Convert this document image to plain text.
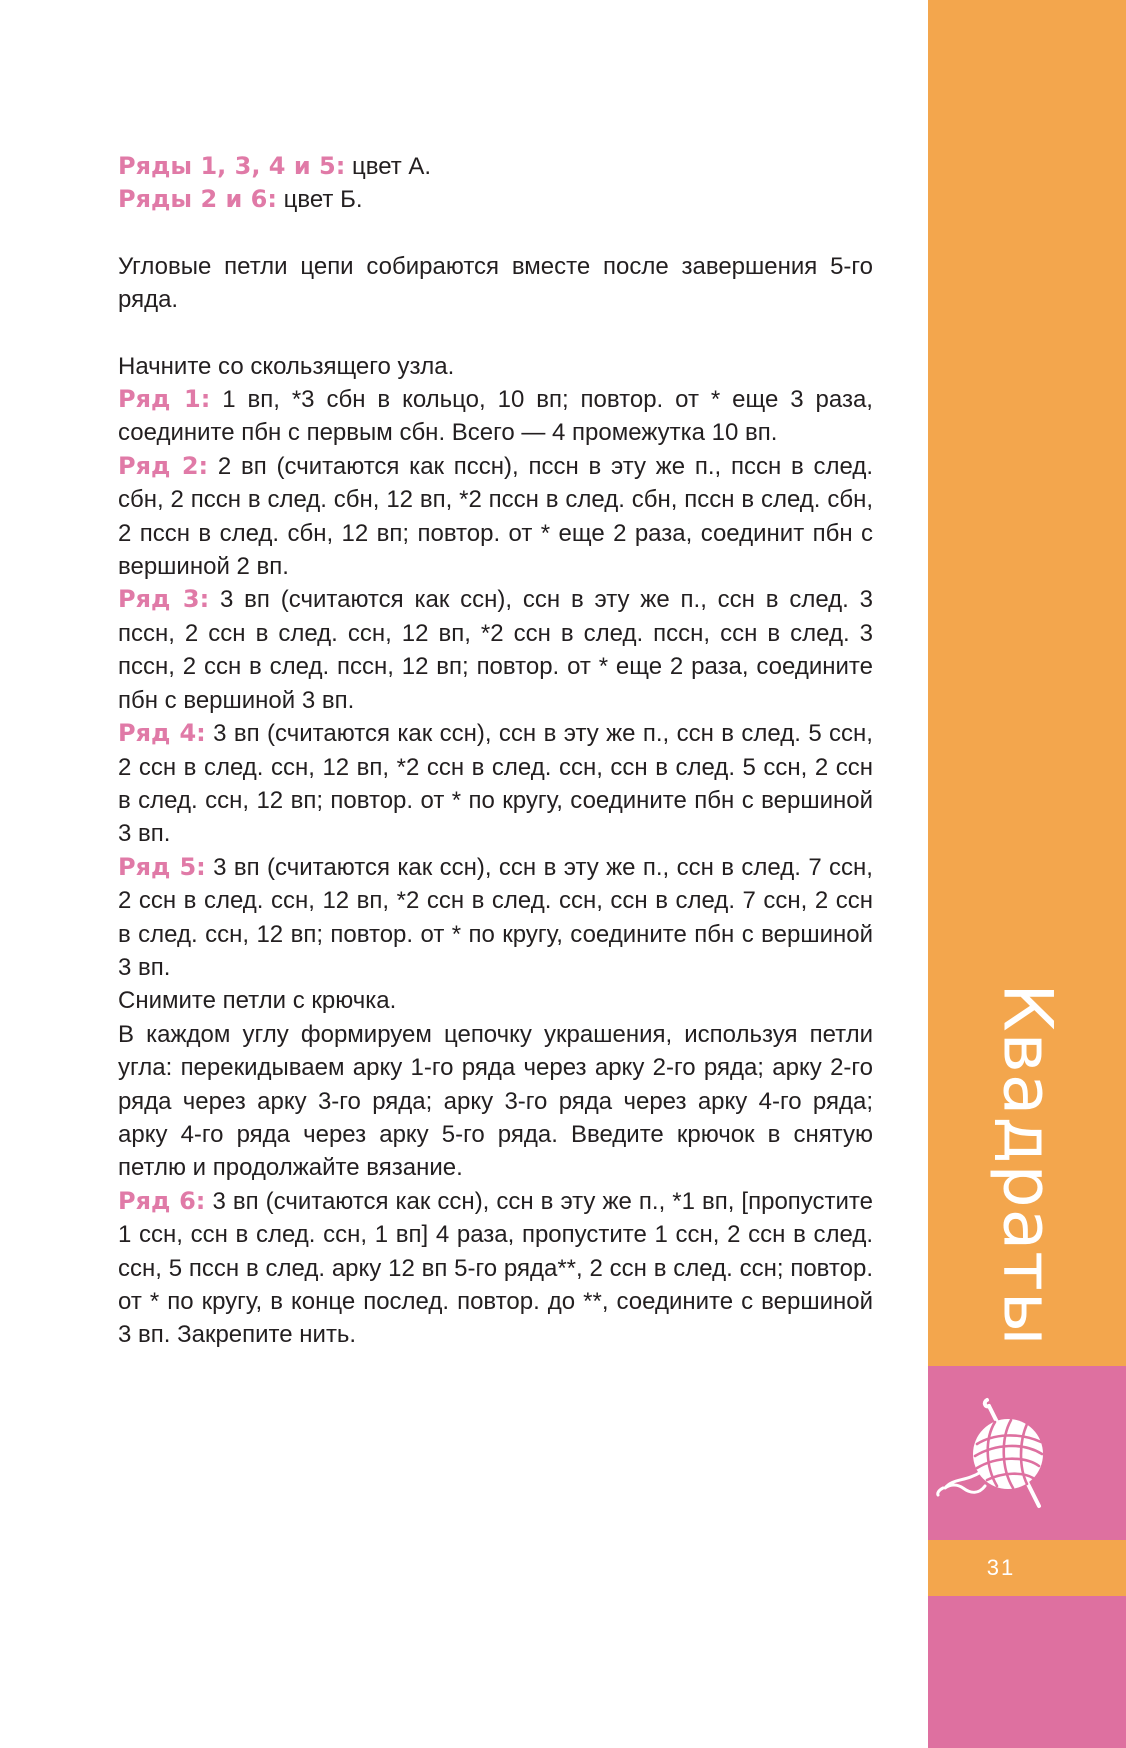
Квадраты
31

Ряды 1, 3, 4 и 5: цвет А.

Ряды 2 и 6: цвет Б.

Угловые петли цепи собираются вместе после завершения 5-го ряда.

Начните со скользящего узла.

Ряд 1: 1 вп, *3 сбн в кольцо, 10 вп; повтор. от * еще 3 раза, соедините пбн с первым сбн. Всего — 4 промежутка 10 вп.

Ряд 2: 2 вп (считаются как пссн), пссн в эту же п., пссн в след. сбн, 2 пссн в след. сбн, 12 вп, *2 пссн в след. сбн, пссн в след. сбн, 2 пссн в след. сбн, 12 вп; повтор. от * еще 2 раза, соединит пбн с вершиной 2 вп.

Ряд 3: 3 вп (считаются как ссн), ссн в эту же п., ссн в след. 3 пссн, 2 ссн в след. ссн, 12 вп, *2 ссн в след. пссн, ссн в след. 3 пссн, 2 ссн в след. пссн, 12 вп; повтор. от * еще 2 раза, соедините пбн с вершиной 3 вп.

Ряд 4: 3 вп (считаются как ссн), ссн в эту же п., ссн в след. 5 ссн, 2 ссн в след. ссн, 12 вп, *2 ссн в след. ссн, ссн в след. 5 ссн, 2 ссн в след. ссн, 12 вп; повтор. от * по кругу, соедините пбн с вершиной 3 вп.

Ряд 5: 3 вп (считаются как ссн), ссн в эту же п., ссн в след. 7 ссн, 2 ссн в след. ссн, 12 вп, *2 ссн в след. ссн, ссн в след. 7 ссн, 2 ссн в след. ссн, 12 вп; повтор. от * по кругу, соедините пбн с вершиной 3 вп.

Снимите петли с крючка.

В каждом углу формируем цепочку украшения, используя петли угла: перекидываем арку 1-го ряда через арку 2-го ряда; арку 2-го ряда через арку 3-го ряда; арку 3-го ряда через арку 4-го ряда; арку 4-го ряда через арку 5-го ряда. Введите крючок в снятую петлю и продолжайте вязание.

Ряд 6: 3 вп (считаются как ссн), ссн в эту же п., *1 вп, [пропустите 1 ссн, ссн в след. ссн, 1 вп] 4 раза, пропустите 1 ссн, 2 ссн в след. ссн, 5 пссн в след. арку 12 вп 5-го ряда**, 2 ссн в след. ссн; повтор. от * по кругу, в конце послед. повтор. до **, соедините с вершиной 3 вп. Закрепите нить.
